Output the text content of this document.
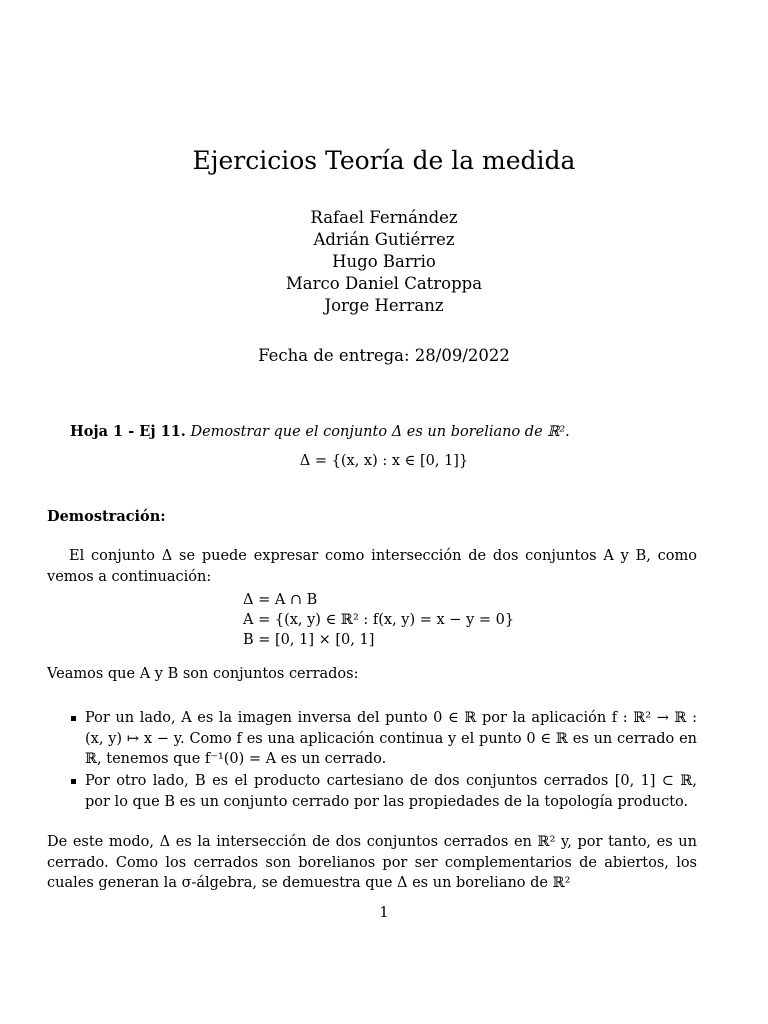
Ejercicios Teoría de la medida
Rafael Fernández
Adrián Gutiérrez
Hugo Barrio
Marco Daniel Catroppa
Jorge Herranz
Fecha de entrega: 28/09/2022
Hoja 1 - Ej 11. Demostrar que el conjunto Δ es un boreliano de ℝ².
Δ = {(x, x) : x ∈ [0, 1]}
Demostración:
El conjunto Δ se puede expresar como intersección de dos conjuntos A y B, como vemos a continuación:
Δ = A ∩ B
A = {(x, y) ∈ ℝ² : f(x, y) = x − y = 0}
B = [0, 1] × [0, 1]
Veamos que A y B son conjuntos cerrados:
Por un lado, A es la imagen inversa del punto 0 ∈ ℝ por la aplicación f : ℝ² → ℝ : (x, y) ↦ x − y. Como f es una aplicación continua y el punto 0 ∈ ℝ es un cerrado en ℝ, tenemos que f⁻¹(0) = A es un cerrado.
Por otro lado, B es el producto cartesiano de dos conjuntos cerrados [0, 1] ⊂ ℝ, por lo que B es un conjunto cerrado por las propiedades de la topología producto.
De este modo, Δ es la intersección de dos conjuntos cerrados en ℝ² y, por tanto, es un cerrado. Como los cerrados son borelianos por ser complementarios de abiertos, los cuales generan la σ-álgebra, se demuestra que Δ es un boreliano de ℝ²
1
